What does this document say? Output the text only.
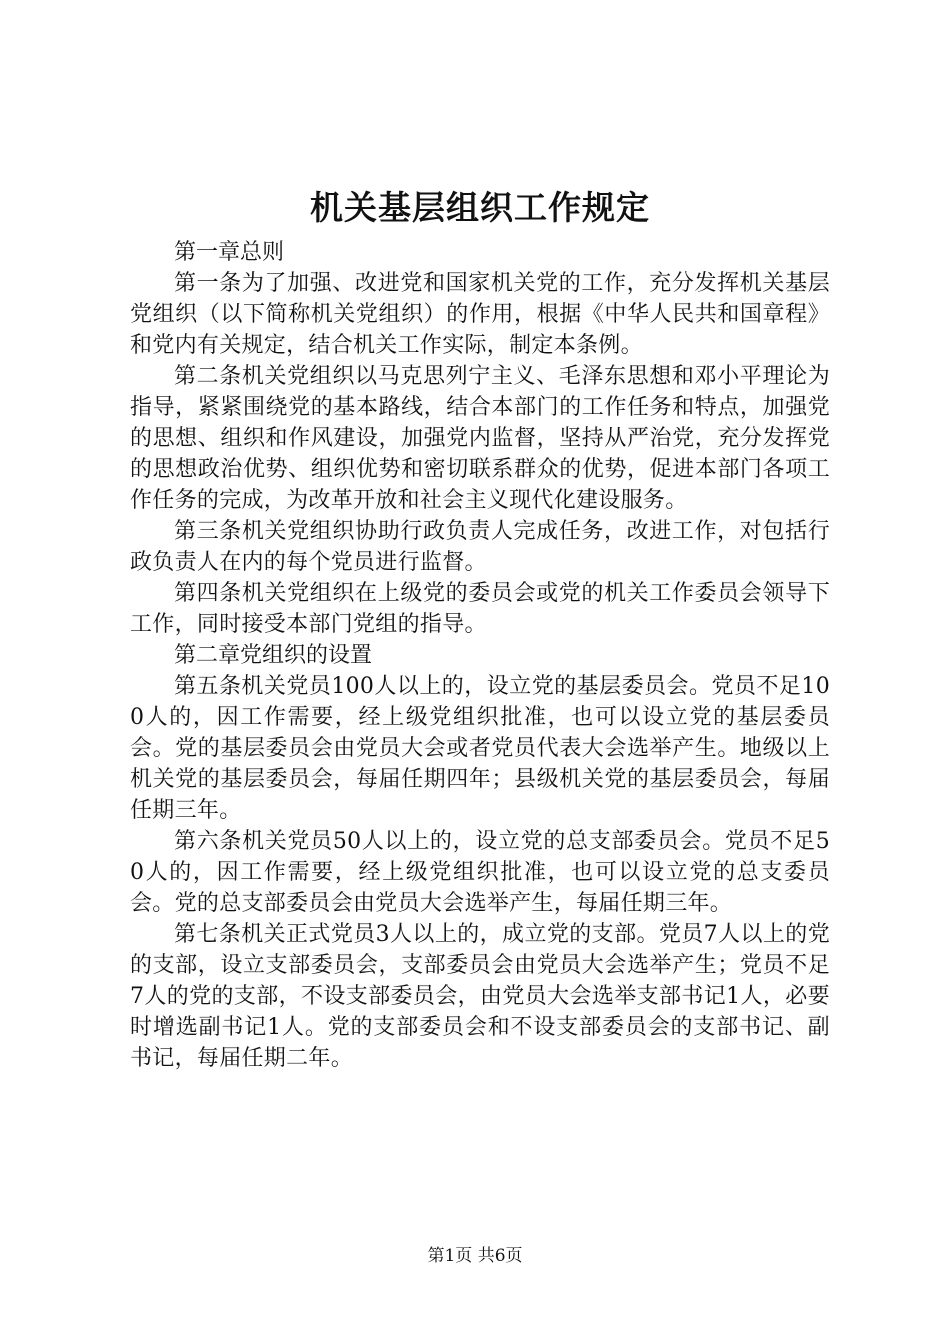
机关基层组织工作规定
第一章总则

第一条为了加强、改进党和国家机关党的工作，充分发挥机关基层党组织（以下简称机关党组织）的作用，根据《中华人民共和国章程》和党内有关规定，结合机关工作实际，制定本条例。

第二条机关党组织以马克思列宁主义、毛泽东思想和邓小平理论为指导，紧紧围绕党的基本路线，结合本部门的工作任务和特点，加强党的思想、组织和作风建设，加强党内监督，坚持从严治党，充分发挥党的思想政治优势、组织优势和密切联系群众的优势，促进本部门各项工作任务的完成，为改革开放和社会主义现代化建设服务。

第三条机关党组织协助行政负责人完成任务，改进工作，对包括行政负责人在内的每个党员进行监督。

第四条机关党组织在上级党的委员会或党的机关工作委员会领导下工作，同时接受本部门党组的指导。

第二章党组织的设置

第五条机关党员100人以上的，设立党的基层委员会。党员不足100人的，因工作需要，经上级党组织批准，也可以设立党的基层委员会。党的基层委员会由党员大会或者党员代表大会选举产生。地级以上机关党的基层委员会，每届任期四年；县级机关党的基层委员会，每届任期三年。

第六条机关党员50人以上的，设立党的总支部委员会。党员不足50人的，因工作需要，经上级党组织批准，也可以设立党的总支委员会。党的总支部委员会由党员大会选举产生，每届任期三年。

第七条机关正式党员3人以上的，成立党的支部。党员7人以上的党的支部，设立支部委员会，支部委员会由党员大会选举产生；党员不足7人的党的支部，不设支部委员会，由党员大会选举支部书记1人，必要时增选副书记1人。党的支部委员会和不设支部委员会的支部书记、副书记，每届任期二年。

第1页 共6页
